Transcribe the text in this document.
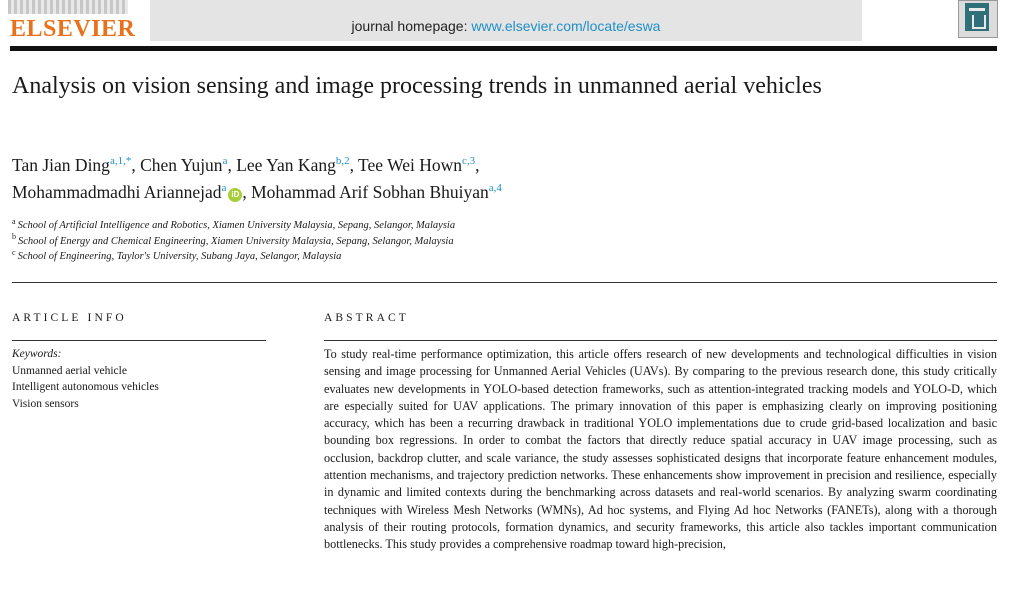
ELSEVIER	journal homepage: www.elsevier.com/locate/eswa
Analysis on vision sensing and image processing trends in unmanned aerial vehicles
Tan Jian Ding$^{a,1,*}$, Chen Yujun$^a$, Lee Yan Kang$^{b,2}$, Tee Wei Hown$^{c,3}$,
Mohammadmadhi Ariannejad$^a$iD , Mohammad Arif Sobhan Bhuiyan$^{a,4}$
$^a$ School of Artificial Intelligence and Robotics, Xiamen University Malaysia, Sepang, Selangor, Malaysia
$^b$ School of Energy and Chemical Engineering, Xiamen University Malaysia, Sepang, Selangor, Malaysia
$^c$ School of Engineering, Taylor's University, Subang Jaya, Selangor, Malaysia
ARTICLE INFO
Keywords:
Unmanned aerial vehicle
Intelligent autonomous vehicles
Vision sensors
ABSTRACT

To study real-time performance optimization, this article offers research of new developments and technological difficulties in vision sensing and image processing for Unmanned Aerial Vehicles (UAVs). By comparing to the previous research done, this study critically evaluates new developments in YOLO-based detection frameworks, such as attention-integrated tracking models and YOLO-D, which are especially suited for UAV applications. The primary innovation of this paper is emphasizing clearly on improving positioning accuracy, which has been a recurring drawback in traditional YOLO implementations due to crude grid-based localization and basic bounding box regressions. In order to combat the factors that directly reduce spatial accuracy in UAV image processing, such as occlusion, backdrop clutter, and scale variance, the study assesses sophisticated designs that incorporate feature enhancement modules, attention mechanisms, and trajectory prediction networks. These enhancements show improvement in precision and resilience, especially in dynamic and limited contexts during the benchmarking across datasets and real-world scenarios. By analyzing swarm coordinating techniques with Wireless Mesh Networks (WMNs), Ad hoc systems, and Flying Ad hoc Networks (FANETs), along with a thorough analysis of their routing protocols, formation dynamics, and security frameworks, this article also tackles important communication bottlenecks. This study provides a comprehensive roadmap toward high-precision,
